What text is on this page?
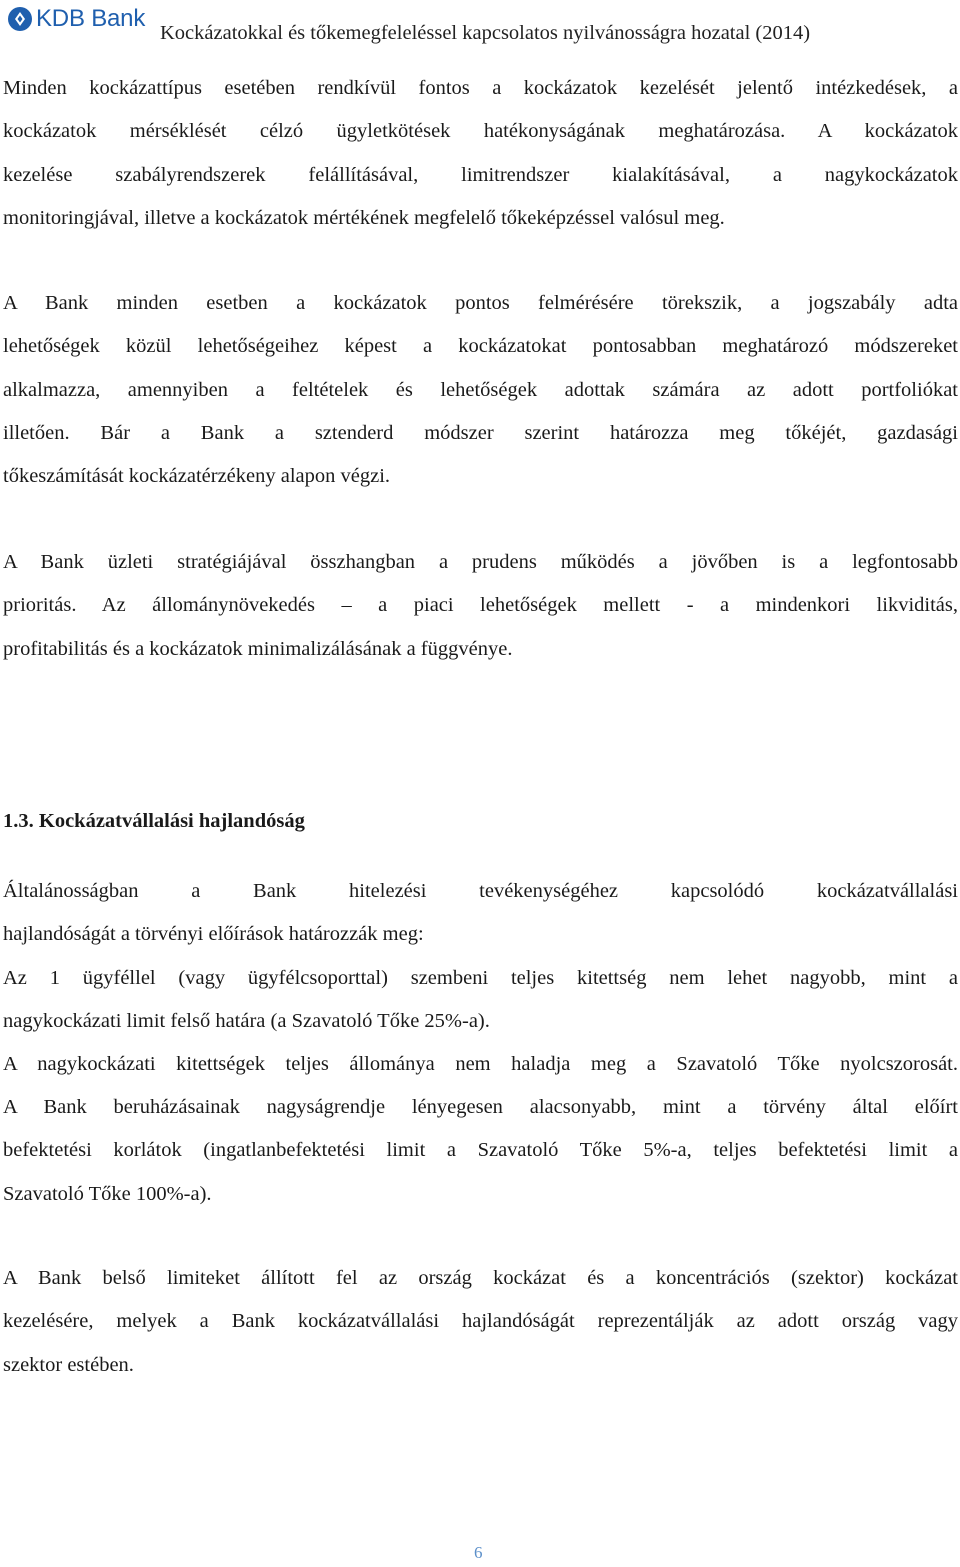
KDB Bank
Kockázatokkal és tőkemegfeleléssel kapcsolatos nyilvánosságra hozatal (2014)
Minden kockázattípus esetében rendkívül fontos a kockázatok kezelését jelentő intézkedések, a
kockázatok mérséklését célzó ügyletkötések hatékonyságának meghatározása. A kockázatok
kezelése szabályrendszerek felállításával, limitrendszer kialakításával, a nagykockázatok
monitoringjával, illetve a kockázatok mértékének megfelelő tőkeképzéssel valósul meg.
A Bank minden esetben a kockázatok pontos felmérésére törekszik, a jogszabály adta
lehetőségek közül lehetőségeihez képest a kockázatokat pontosabban meghatározó módszereket
alkalmazza, amennyiben a feltételek és lehetőségek adottak számára az adott portfoliókat
illetően. Bár a Bank a sztenderd módszer szerint határozza meg tőkéjét, gazdasági
tőkeszámítását kockázatérzékeny alapon végzi.
A Bank üzleti stratégiájával összhangban a prudens működés a jövőben is a legfontosabb
prioritás. Az állománynövekedés – a piaci lehetőségek mellett - a mindenkori likviditás,
profitabilitás és a kockázatok minimalizálásának a függvénye.
1.3. Kockázatvállalási hajlandóság
Általánosságban a Bank hitelezési tevékenységéhez kapcsolódó kockázatvállalási
hajlandóságát a törvényi előírások határozzák meg:
Az 1 ügyféllel (vagy ügyfélcsoporttal) szembeni teljes kitettség nem lehet nagyobb, mint a
nagykockázati limit felső határa (a Szavatoló Tőke 25%-a).
A nagykockázati kitettségek teljes állománya nem haladja meg a Szavatoló Tőke nyolcszorosát.
A Bank beruházásainak nagyságrendje lényegesen alacsonyabb, mint a törvény által előírt
befektetési korlátok (ingatlanbefektetési limit a Szavatoló Tőke 5%-a, teljes befektetési limit a
Szavatoló Tőke 100%-a).
A Bank belső limiteket állított fel az ország kockázat és a koncentrációs (szektor) kockázat
kezelésére, melyek a Bank kockázatvállalási hajlandóságát reprezentálják az adott ország vagy
szektor estében.
6
